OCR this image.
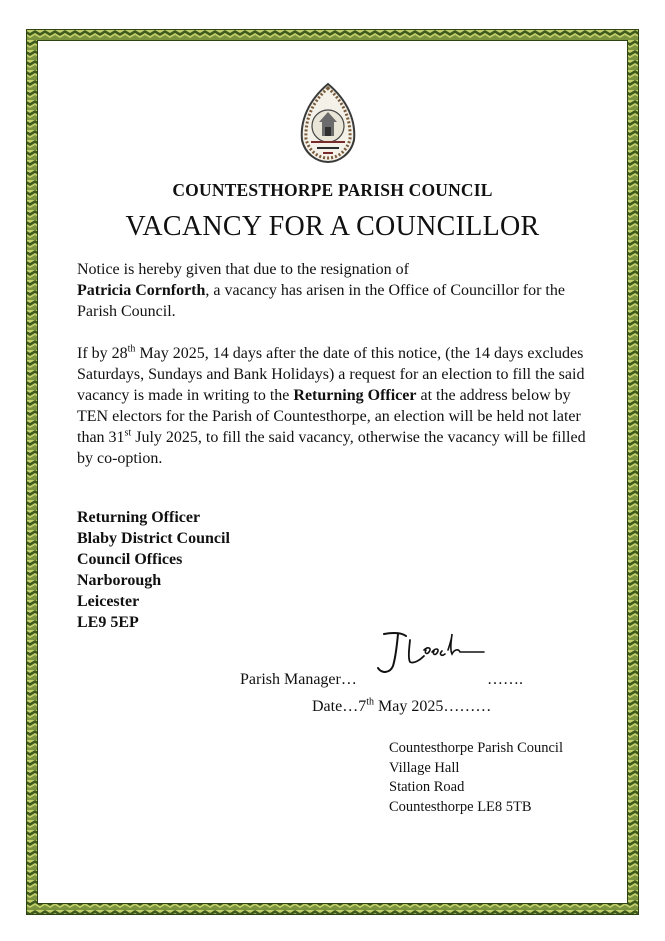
COUNTESTHORPE PARISH COUNCIL
VACANCY FOR A COUNCILLOR
Notice is hereby given that due to the resignation of
Patricia Cornforth, a vacancy has arisen in the Office of Councillor for the Parish Council.
If by 28th May 2025, 14 days after the date of this notice, (the 14 days excludes Saturdays, Sundays and Bank Holidays) a request for an election to fill the said vacancy is made in writing to the Returning Officer at the address below by TEN electors for the Parish of Countesthorpe, an election will be held not later than 31st July 2025, to fill the said vacancy, otherwise the vacancy will be filled by co-option.
Returning Officer
Blaby District Council
Council Offices
Narborough
Leicester
LE9 5EP
Parish Manager…	…….
Date…7th May 2025………
Countesthorpe Parish Council
Village Hall
Station Road
Countesthorpe LE8 5TB
